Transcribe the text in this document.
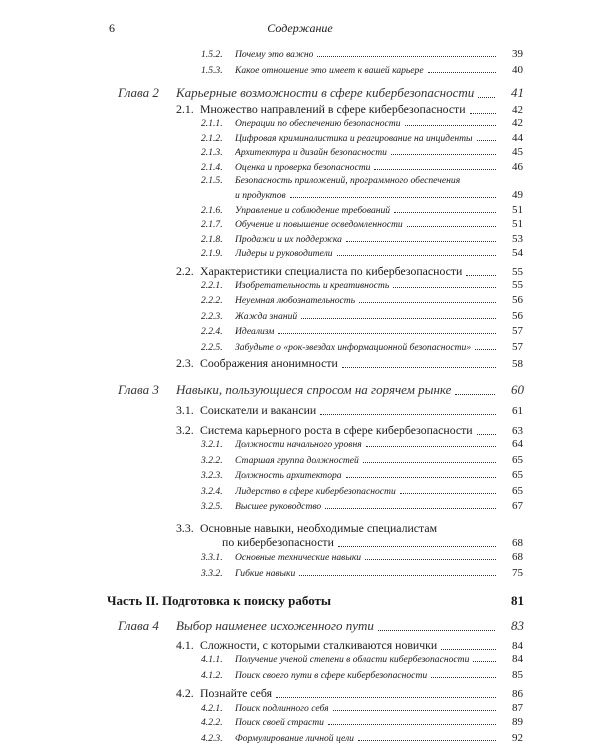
6	Содержание
1.5.2.	Почему это важно	39
1.5.3.	Какое отношение это имеет к вашей карьере	40
Глава 2	Карьерные возможности в сфере кибербезопасности	41
2.1. Множество направлений в сфере кибербезопасности	42
2.1.1.	Операции по обеспечению безопасности	42
2.1.2.	Цифровая криминалистика и реагирование на инциденты	44
2.1.3.	Архитектура и дизайн безопасности	45
2.1.4.	Оценка и проверка безопасности	46
2.1.5. Безопасность приложений, программного обеспечения
и продуктов	49
2.1.6.	Управление и соблюдение требований	51
2.1.7.	Обучение и повышение осведомленности	51
2.1.8.	Продажи и их поддержка	53
2.1.9.	Лидеры и руководители	54
2.2. Характеристики специалиста по кибербезопасности	55
2.2.1.	Изобретательность и креативность	55
2.2.2.	Неуемная любознательность	56
2.2.3.	Жажда знаний	56
2.2.4.	Идеализм	57
2.2.5.	Забудьте о «рок-звездах информационной безопасности»	57
2.3. Соображения анонимности	58
Глава 3	Навыки, пользующиеся спросом на горячем рынке	60
3.1. Соискатели и вакансии	61
3.2. Система карьерного роста в сфере кибербезопасности	63
3.2.1.	Должности начального уровня	64
3.2.2.	Старшая группа должностей	65
3.2.3.	Должность архитектора	65
3.2.4.	Лидерство в сфере кибербезопасности	65
3.2.5.	Высшее руководство	67
3.3. Основные навыки, необходимые специалистам
по кибербезопасности	68
3.3.1.	Основные технические навыки	68
3.3.2.	Гибкие навыки	75
Часть II. Подготовка к поиску работы	81
Глава 4	Выбор наименее исхоженного пути	83
4.1. Сложности, с которыми сталкиваются новички	84
4.1.1.	Получение ученой степени в области кибербезопасности	84
4.1.2.	Поиск своего пути в сфере кибербезопасности	85
4.2. Познайте себя	86
4.2.1.	Поиск подлинного себя	87
4.2.2.	Поиск своей страсти	89
4.2.3.	Формулирование личной цели	92
